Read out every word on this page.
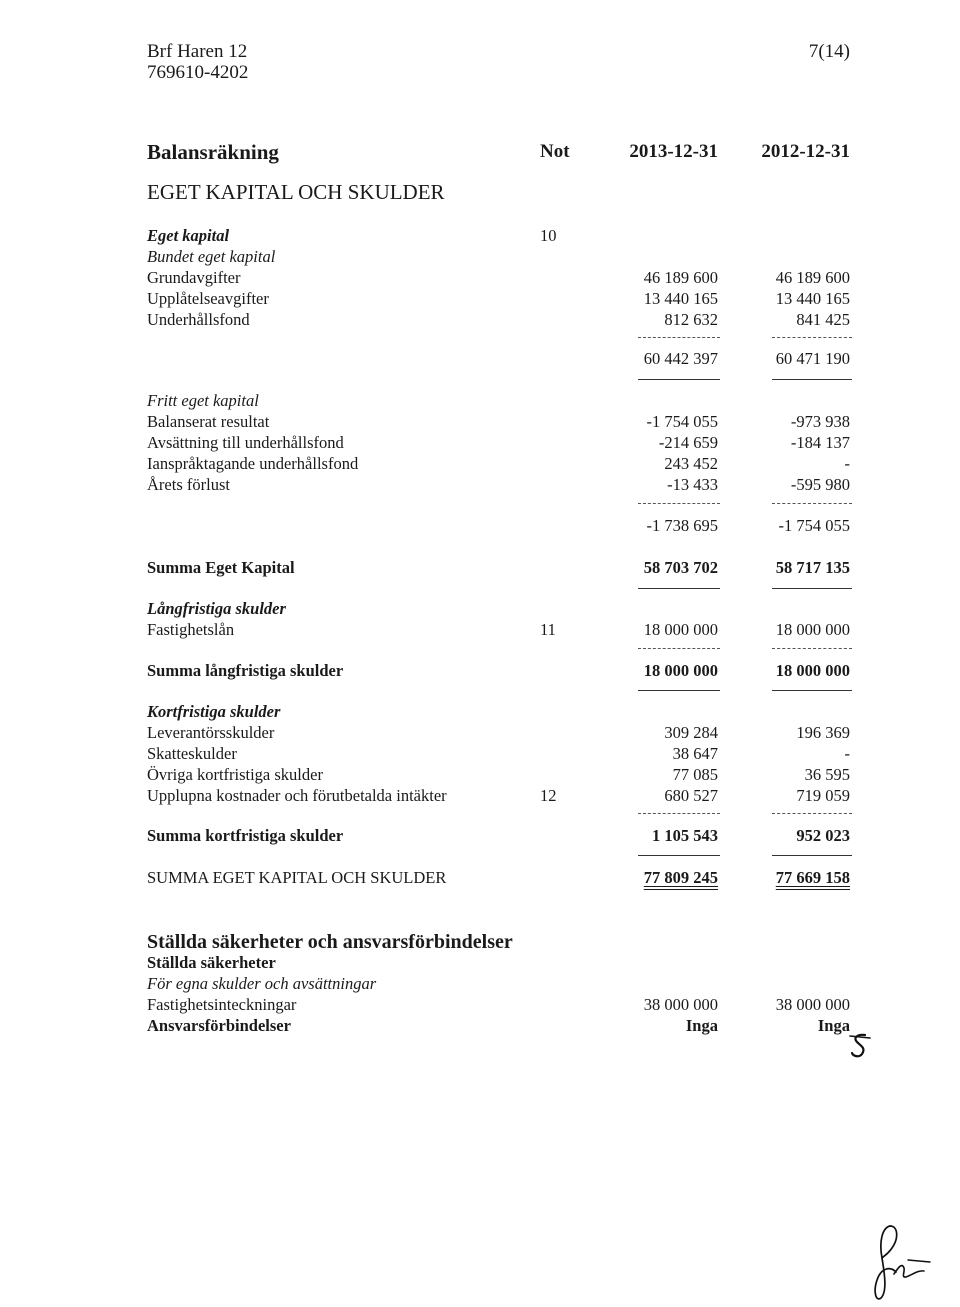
Brf Haren 12
769610-4202
7(14)
Balansräkning	Not	2013-12-31 2012-12-31
EGET KAPITAL OCH SKULDER
Eget kapital	10
Bundet eget kapital
Grundavgifter	46 189 600	46 189 600
Upplåtelseavgifter	13 440 165	13 440 165
Underhållsfond	812 632	841 425
60 442 397	60 471 190
Fritt eget kapital
Balanserat resultat	-1 754 055	-973 938
Avsättning till underhållsfond	-214 659	-184 137
Ianspråktagande underhållsfond	243 452	-
Årets förlust	-13 433	-595 980
-1 738 695	-1 754 055
Summa Eget Kapital	58 703 702	58 717 135
Långfristiga skulder
Fastighetslån	11	18 000 000	18 000 000
Summa långfristiga skulder	18 000 000	18 000 000
Kortfristiga skulder
Leverantörsskulder	309 284	196 369
Skatteskulder	38 647	-
Övriga kortfristiga skulder	77 085	36 595
Upplupna kostnader och förutbetalda intäkter	12	680 527	719 059
Summa kortfristiga skulder	1 105 543	952 023
SUMMA EGET KAPITAL OCH SKULDER	77 809 245	77 669 158
Ställda säkerheter och ansvarsförbindelser
Ställda säkerheter
För egna skulder och avsättningar
Fastighetsinteckningar	38 000 000	38 000 000
Ansvarsförbindelser	Inga	Inga
